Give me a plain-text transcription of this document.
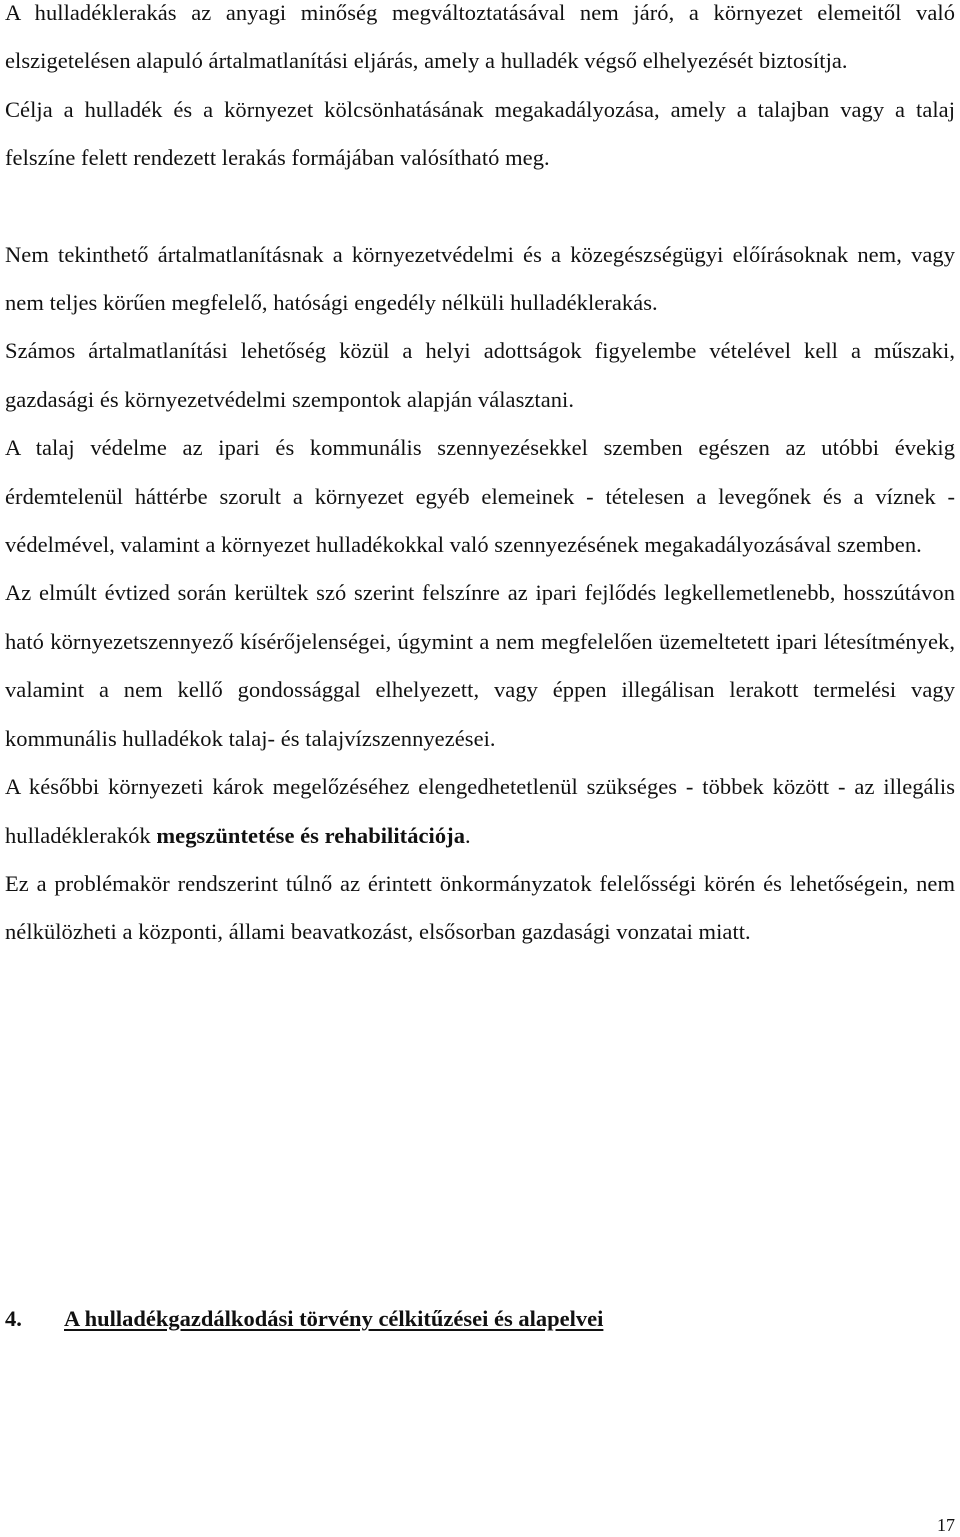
A hulladéklerakás az anyagi minőség megváltoztatásával nem járó, a környezet elemeitől való elszigetelésen alapuló ártalmatlanítási eljárás, amely a hulladék végső elhelyezését biztosítja.

Célja a hulladék és a környezet kölcsönhatásának megakadályozása, amely a talajban vagy a talaj felszíne felett rendezett lerakás formájában valósítható meg.

Nem tekinthető ártalmatlanításnak a környezetvédelmi és a közegészségügyi előírásoknak nem, vagy nem teljes körűen megfelelő, hatósági engedély nélküli hulladéklerakás.

Számos ártalmatlanítási lehetőség közül a helyi adottságok figyelembe vételével kell a műszaki, gazdasági és környezetvédelmi szempontok alapján választani.

A talaj védelme az ipari és kommunális szennyezésekkel szemben egészen az utóbbi évekig érdemtelenül háttérbe szorult a környezet egyéb elemeinek - tételesen a levegőnek és a víznek - védelmével, valamint a környezet hulladékokkal való szennyezésének megakadályozásával szemben.

Az elmúlt évtized során kerültek szó szerint felszínre az ipari fejlődés legkellemetlenebb, hosszútávon ható környezetszennyező kísérőjelenségei, úgymint a nem megfelelően üzemeltetett ipari létesítmények, valamint a nem kellő gondossággal elhelyezett, vagy éppen illegálisan lerakott termelési vagy kommunális hulladékok talaj- és talajvízszennyezései.

A későbbi környezeti károk megelőzéséhez elengedhetetlenül szükséges - többek között - az illegális hulladéklerakók megszüntetése és rehabilitációja.

Ez a problémakör rendszerint túlnő az érintett önkormányzatok felelősségi körén és lehetőségein, nem nélkülözheti a központi, állami beavatkozást, elsősorban gazdasági vonzatai miatt.

4. A hulladékgazdálkodási törvény célkitűzései és alapelvei
17
